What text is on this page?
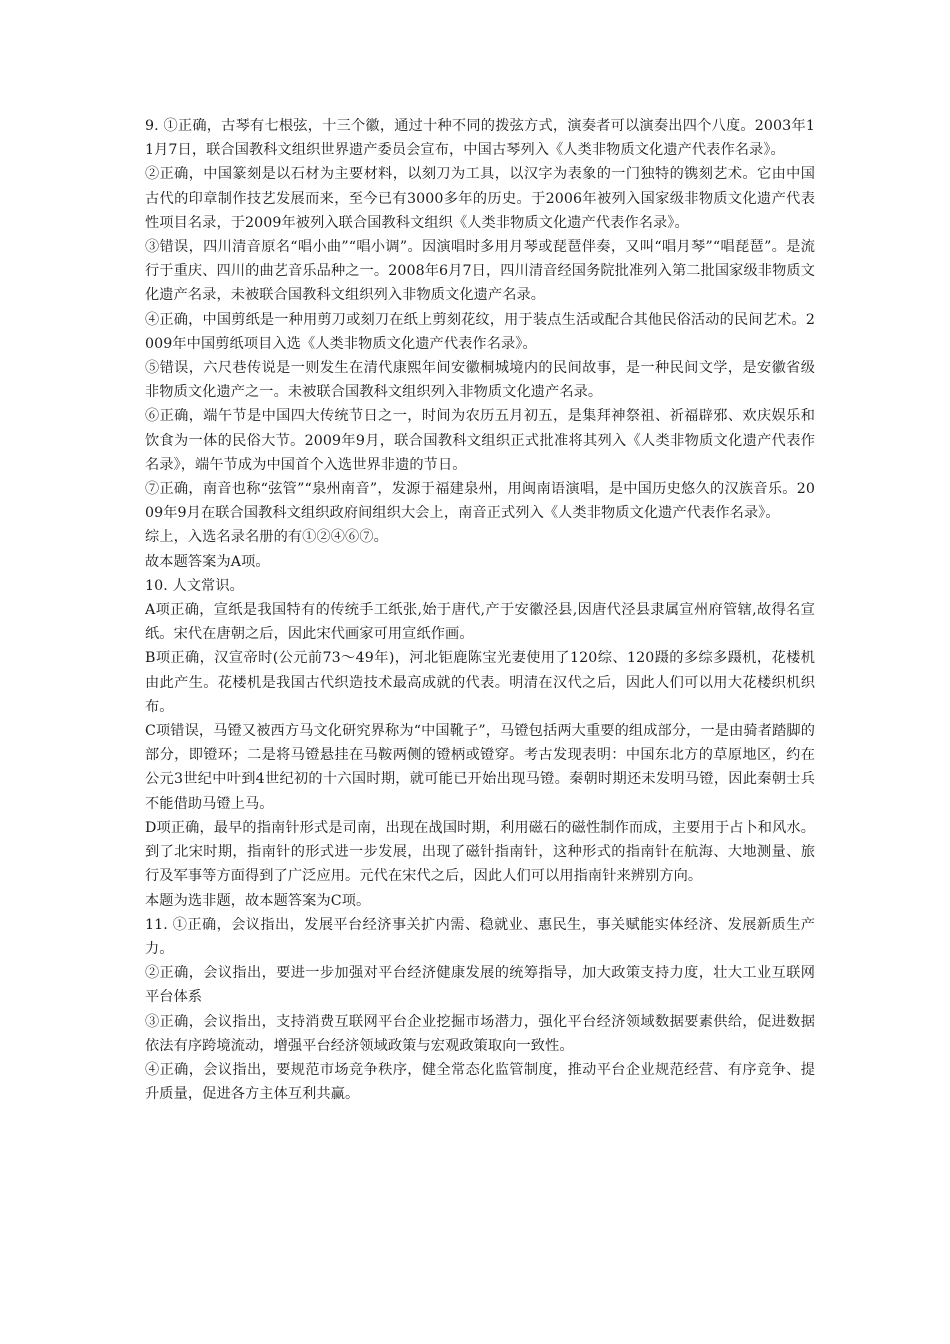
9. ①正确，古琴有七根弦，十三个徽，通过十种不同的拨弦方式，演奏者可以演奏出四个八度。2003年11月7日，联合国教科文组织世界遗产委员会宣布，中国古琴列入《人类非物质文化遗产代表作名录》。

②正确，中国篆刻是以石材为主要材料，以刻刀为工具，以汉字为表象的一门独特的镌刻艺术。它由中国古代的印章制作技艺发展而来，至今已有3000多年的历史。于2006年被列入国家级非物质文化遗产代表性项目名录，于2009年被列入联合国教科文组织《人类非物质文化遗产代表作名录》。

③错误，四川清音原名“唱小曲”“唱小调”。因演唱时多用月琴或琵琶伴奏，又叫“唱月琴”“唱琵琶”。是流行于重庆、四川的曲艺音乐品种之一。2008年6月7日，四川清音经国务院批准列入第二批国家级非物质文化遗产名录，未被联合国教科文组织列入非物质文化遗产名录。

④正确，中国剪纸是一种用剪刀或刻刀在纸上剪刻花纹，用于装点生活或配合其他民俗活动的民间艺术。2009年中国剪纸项目入选《人类非物质文化遗产代表作名录》。

⑤错误，六尺巷传说是一则发生在清代康熙年间安徽桐城境内的民间故事，是一种民间文学，是安徽省级非物质文化遗产之一。未被联合国教科文组织列入非物质文化遗产名录。

⑥正确，端午节是中国四大传统节日之一，时间为农历五月初五，是集拜神祭祖、祈福辟邪、欢庆娱乐和饮食为一体的民俗大节。2009年9月，联合国教科文组织正式批准将其列入《人类非物质文化遗产代表作名录》，端午节成为中国首个入选世界非遗的节日。

⑦正确，南音也称“弦管”“泉州南音”，发源于福建泉州，用闽南语演唱，是中国历史悠久的汉族音乐。2009年9月在联合国教科文组织政府间组织大会上，南音正式列入《人类非物质文化遗产代表作名录》。

综上，入选名录名册的有①②④⑥⑦。

故本题答案为A项。

10. 人文常识。

A项正确，宣纸是我国特有的传统手工纸张,始于唐代,产于安徽泾县,因唐代泾县隶属宣州府管辖,故得名宣纸。宋代在唐朝之后，因此宋代画家可用宣纸作画。

B项正确，汉宣帝时(公元前73～49年)，河北钜鹿陈宝光妻使用了120综、120蹑的多综多蹑机，花楼机由此产生。花楼机是我国古代织造技术最高成就的代表。明清在汉代之后，因此人们可以用大花楼织机织布。

C项错误，马镫又被西方马文化研究界称为“中国靴子”，马镫包括两大重要的组成部分，一是由骑者踏脚的部分，即镫环；二是将马镫悬挂在马鞍两侧的镫柄或镫穿。考古发现表明：中国东北方的草原地区，约在公元3世纪中叶到4世纪初的十六国时期，就可能已开始出现马镫。秦朝时期还未发明马镫，因此秦朝士兵不能借助马镫上马。

D项正确，最早的指南针形式是司南，出现在战国时期，利用磁石的磁性制作而成，主要用于占卜和风水。到了北宋时期，指南针的形式进一步发展，出现了磁针指南针，这种形式的指南针在航海、大地测量、旅行及军事等方面得到了广泛应用。元代在宋代之后，因此人们可以用指南针来辨别方向。

本题为选非题，故本题答案为C项。

11. ①正确，会议指出，发展平台经济事关扩内需、稳就业、惠民生，事关赋能实体经济、发展新质生产力。

②正确，会议指出，要进一步加强对平台经济健康发展的统筹指导，加大政策支持力度，壮大工业互联网平台体系

③正确，会议指出，支持消费互联网平台企业挖掘市场潜力，强化平台经济领域数据要素供给，促进数据依法有序跨境流动，增强平台经济领域政策与宏观政策取向一致性。

④正确，会议指出，要规范市场竞争秩序，健全常态化监管制度，推动平台企业规范经营、有序竞争、提升质量，促进各方主体互利共赢。
